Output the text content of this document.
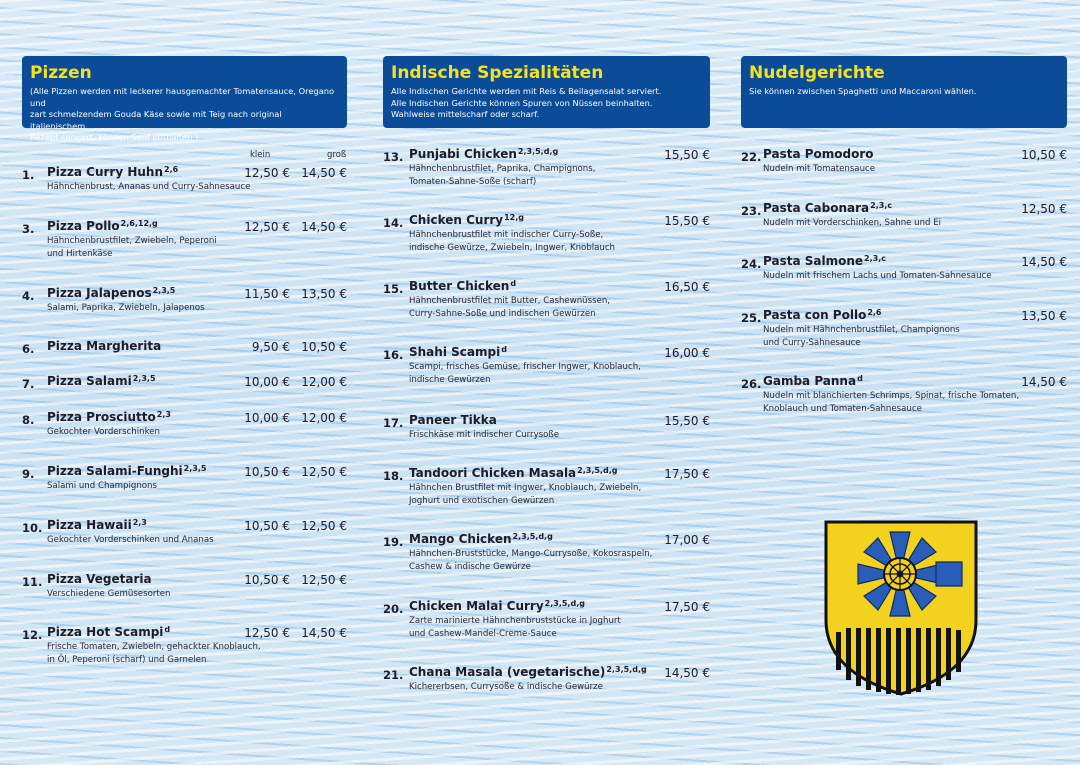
Pizzen
(Alle Pizzen werden mit leckerer hausgemachter Tomatensauce, Oregano und
zart schmelzendem Gouda Käse sowie mit Teig nach original italienischem
Rezept serviert, können Senf enthalten.)
klein	groß
1. Pizza Curry Huhn$^{2,6}$	12,50 € 14,50 €
Hähnchenbrust, Ananas und Curry-Sahnesauce
3. Pizza Pollo$^{2,6,12,g}$	12,50 € 14,50 €
Hähnchenbrustfilet, Zwiebeln, Peperoni
und Hirtenkäse
4. Pizza Jalapenos$^{2,3,5}$	11,50 € 13,50 €
Salami, Paprika, Zwiebeln, Jalapenos
6. Pizza Margherita	9,50 € 10,50 €
7. Pizza Salami$^{2,3,5}$	10,00 € 12,00 €
8. Pizza Prosciutto$^{2,3}$	10,00 € 12,00 €
Gekochter Vorderschinken
9. Pizza Salami-Funghi$^{2,3,5}$	10,50 € 12,50 €
Salami und Champignons
10. Pizza Hawaii$^{2,3}$	10,50 € 12,50 €
Gekochter Vorderschinken und Ananas
11. Pizza Vegetaria	10,50 € 12,50 €
Verschiedene Gemüsesorten
12. Pizza Hot Scampi$^d$	12,50 € 14,50 €
Frische Tomaten, Zwiebeln, gehackter Knoblauch,
in Öl, Peperoni (scharf) und Garnelen
Indische Spezialitäten
Alle Indischen Gerichte werden mit Reis & Beilagensalat serviert.
Alle Indischen Gerichte können Spuren von Nüssen beinhalten.
Wahlweise mittelscharf oder scharf.
13. Punjabi Chicken$^{2,3,5,d,g}$	15,50 €
Hähnchenbrustfilet, Paprika, Champignons,
Tomaten-Sahne-Soße (scharf)
14. Chicken Curry$^{12,g}$	15,50 €
Hähnchenbrustfilet mit indischer Curry-Soße,
indische Gewürze, Zwiebeln, Ingwer, Knoblauch
15. Butter Chicken$^d$	16,50 €
Hähnchenbrustfilet mit Butter, Cashewnüssen,
Curry-Sahne-Soße und indischen Gewürzen
16. Shahi Scampi$^d$	16,00 €
Scampi, frisches Gemüse, frischer Ingwer, Knoblauch,
indische Gewürzen
17. Paneer Tikka	15,50 €
Frischkäse mit indischer Currysoße
18. Tandoori Chicken Masala$^{2,3,5,d,g}$	17,50 €
Hähnchen Brustfilet mit Ingwer, Knoblauch, Zwiebeln,
Joghurt und exotischen Gewürzen
19. Mango Chicken$^{2,3,5,d,g}$	17,00 €
Hähnchen-Bruststücke, Mango-Currysoße, Kokosraspeln,
Cashew & indische Gewürze
20. Chicken Malai Curry$^{2,3,5,d,g}$	17,50 €
Zarte marinierte Hähnchenbruststücke in Joghurt
und Cashew-Mandel-Creme-Sauce
21. Chana Masala (vegetarische)$^{2,3,5,d,g}$	14,50 €
Kichererbsen, Currysoße & indische Gewürze
Nudelgerichte
Sie können zwischen Spaghetti und Maccaroni wählen.
22. Pasta Pomodoro	10,50 €
Nudeln mit Tomatensauce
23. Pasta Cabonara$^{2,3,c}$	12,50 €
Nudeln mit Vorderschinken, Sahne und Ei
24. Pasta Salmone$^{2,3,c}$	14,50 €
Nudeln mit frischem Lachs und Tomaten-Sahnesauce
25. Pasta con Pollo$^{2,6}$	13,50 €
Nudeln mit Hähnchenbrustfilet, Champignons
und Curry-Sahnesauce
26. Gamba Panna$^d$	14,50 €
Nudeln mit blanchierten Schrimps, Spinat, frische Tomaten,
Knoblauch und Tomaten-Sahnesauce
